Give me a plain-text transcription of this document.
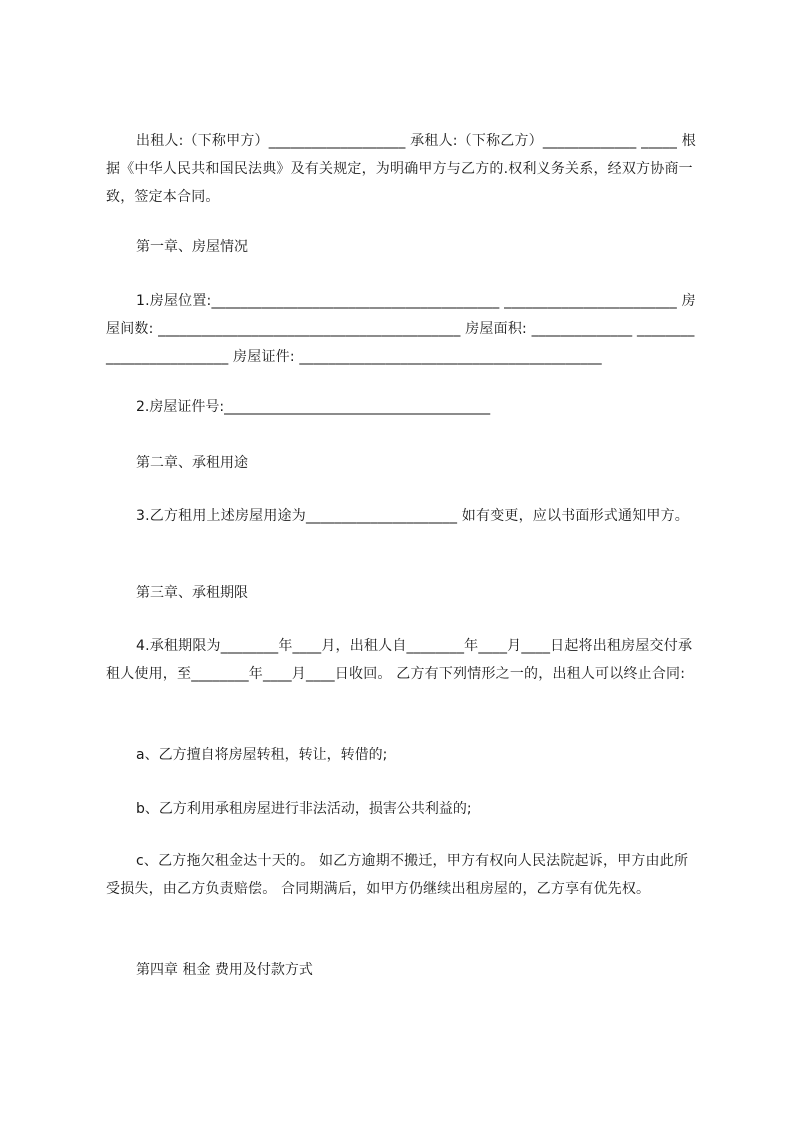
出租人:（下称甲方）___________________ 承租人:（下称乙方）_____________ _____ 根据《中华人民共和国民法典》及有关规定，为明确甲方与乙方的.权利义务关系，经双方协商一致，签定本合同。
第一章、房屋情况
1.房屋位置:________________________________________ ________________________ 房屋间数: __________________________________________ 房屋面积: ______________ _________________________ 房屋证件: __________________________________________
2.房屋证件号:______________________________________
第二章、承租用途
3.乙方租用上述房屋用途为_____________________ 如有变更，应以书面形式通知甲方。
第三章、承租期限
4.承租期限为________年____月，出租人自________年____月____日起将出租房屋交付承租人使用，至________年____月____日收回。 乙方有下列情形之一的，出租人可以终止合同:
a、乙方擅自将房屋转租，转让，转借的;
b、乙方利用承租房屋进行非法活动，损害公共利益的;
c、乙方拖欠租金达十天的。 如乙方逾期不搬迁，甲方有权向人民法院起诉，甲方由此所受损失，由乙方负责赔偿。 合同期满后，如甲方仍继续出租房屋的，乙方享有优先权。
第四章 租金 费用及付款方式
